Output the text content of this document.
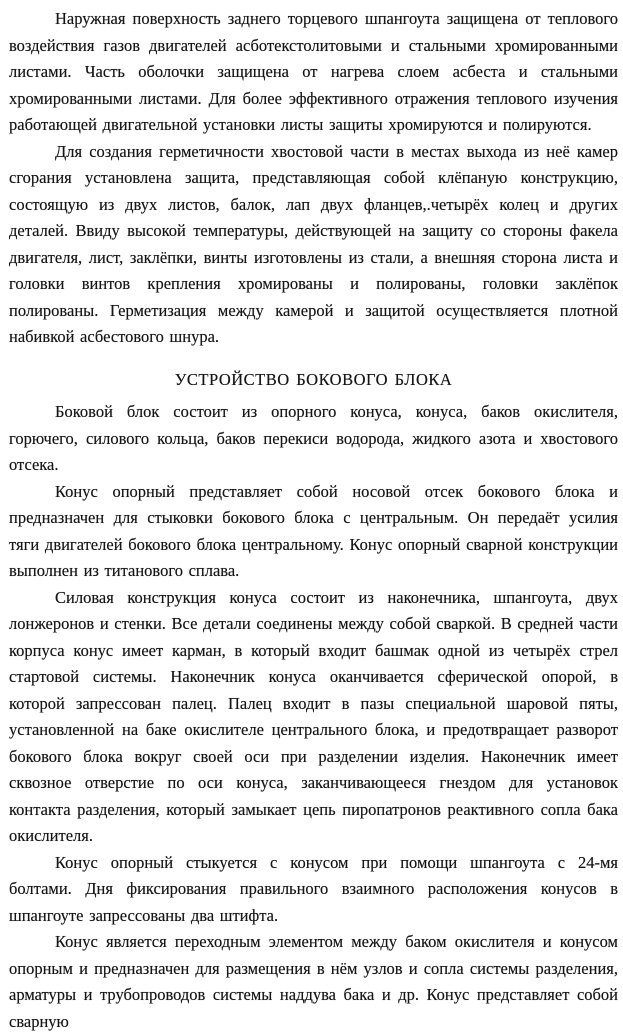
Наружная поверхность заднего торцевого шпангоута защищена от теплового воздействия газов двигателей асботекстолитовыми и стальными хромированными листами. Часть оболочки защищена от нагрева слоем асбеста и стальными хромированными листами. Для более эффективного отражения теплового изучения работающей двигательной установки листы защиты хромируются и полируются.

Для создания герметичности хвостовой части в местах выхода из неё камер сгорания установлена защита, представляющая собой клёпаную конструкцию, состоящую из двух листов, балок, лап двух фланцев,.четырёх колец и других деталей. Ввиду высокой температуры, действующей на защиту со стороны факела двигателя, лист, заклёпки, винты изготовлены из стали, а внешняя сторона листа и головки винтов крепления хромированы и полированы, головки заклёпок полированы. Герметизация между камерой и защитой осуществляется плотной набивкой асбестового шнура.

УСТРОЙСТВО БОКОВОГО БЛОКА

Боковой блок состоит из опорного конуса, конуса, баков окислителя, горючего, силового кольца, баков перекиси водорода, жидкого азота и хвостового отсека.

Конус опорный представляет собой носовой отсек бокового блока и предназначен для стыковки бокового блока с центральным. Он передаёт усилия тяги двигателей бокового блока центральному. Конус опорный сварной конструкции выполнен из титанового сплава.

Силовая конструкция конуса состоит из наконечника, шпангоута, двух лонжеронов и стенки. Все детали соединены между собой сваркой. В средней части корпуса конус имеет карман, в который входит башмак одной из четырёх стрел стартовой системы. Наконечник конуса оканчивается сферической опорой, в которой запрессован палец. Палец входит в пазы специальной шаровой пяты, установленной на баке окислителе центрального блока, и предотвращает разворот бокового блока вокруг своей оси при разделении изделия. Наконечник имеет сквозное отверстие по оси конуса, заканчивающееся гнездом для установок контакта разделения, который замыкает цепь пиропатронов реактивного сопла бака окислителя.

Конус опорный стыкуется с конусом при помощи шпангоута с 24-мя болтами. Дня фиксирования правильного взаимного расположения конусов в шпангоуте запрессованы два штифта.

Конус является переходным элементом между баком окислителя и конусом опорным и предназначен для размещения в нём узлов и сопла системы разделения, арматуры и трубопроводов системы наддува бака и др. Конус представляет собой сварную
